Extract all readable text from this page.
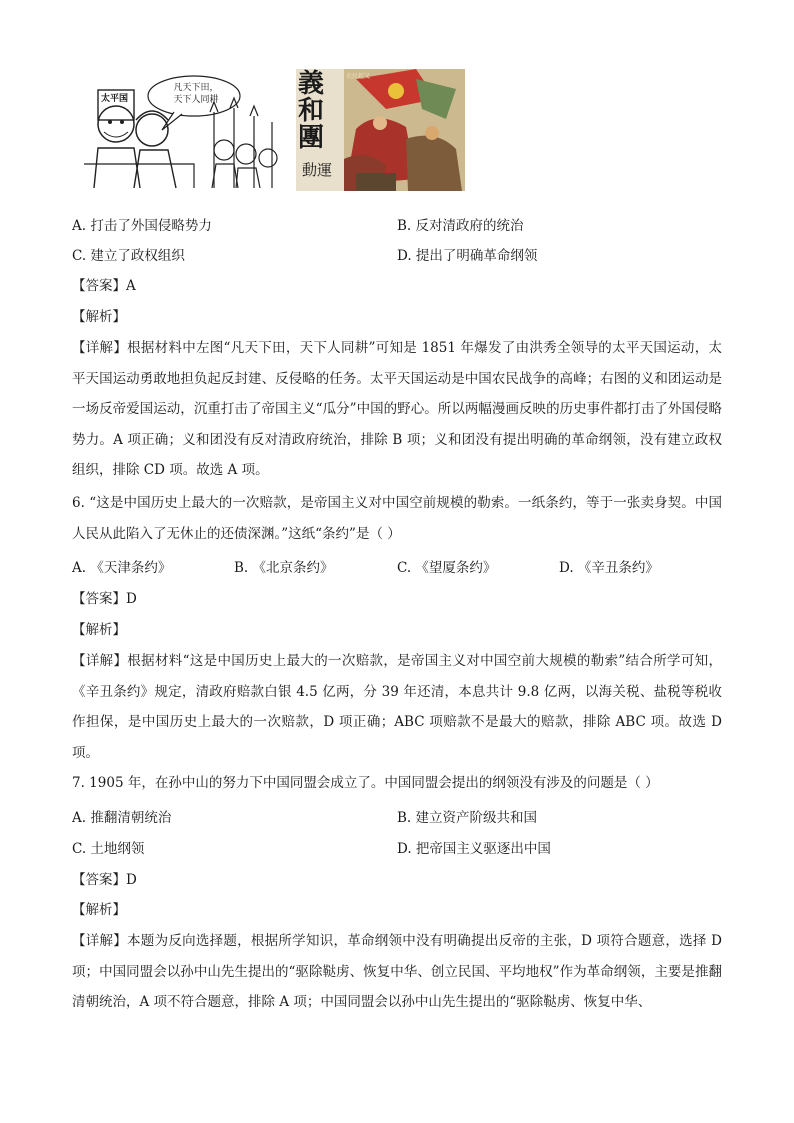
凡天下田，
天下人同耕
太平国	義
和
團
動運
农民起义
A. 打击了外国侵略势力	B. 反对清政府的统治
C. 建立了政权组织	D. 提出了明确革命纲领
【答案】A
【解析】
【详解】根据材料中左图“凡天下田，天下人同耕”可知是 1851 年爆发了由洪秀全领导的太平天国运动，太平天国运动勇敢地担负起反封建、反侵略的任务。太平天国运动是中国农民战争的高峰；右图的义和团运动是一场反帝爱国运动，沉重打击了帝国主义“瓜分”中国的野心。所以两幅漫画反映的历史事件都打击了外国侵略势力。A 项正确；义和团没有反对清政府统治，排除 B 项；义和团没有提出明确的革命纲领，没有建立政权组织，排除 CD 项。故选 A 项。
6. “这是中国历史上最大的一次赔款，是帝国主义对中国空前规模的勒索。一纸条约，等于一张卖身契。中国人民从此陷入了无休止的还债深渊。”这纸“条约”是（ ）
A. 《天津条约》	B. 《北京条约》	C. 《望厦条约》	D. 《辛丑条约》
【答案】D
【解析】
【详解】根据材料“这是中国历史上最大的一次赔款，是帝国主义对中国空前大规模的勒索”结合所学可知，《辛丑条约》规定，清政府赔款白银 4.5 亿两，分 39 年还清，本息共计 9.8 亿两，以海关税、盐税等税收作担保，是中国历史上最大的一次赔款，D 项正确；ABC 项赔款不是最大的赔款，排除 ABC 项。故选 D 项。
7. 1905 年，在孙中山的努力下中国同盟会成立了。中国同盟会提出的纲领没有涉及的问题是（ ）
A. 推翻清朝统治	B. 建立资产阶级共和国
C. 土地纲领	D. 把帝国主义驱逐出中国
【答案】D
【解析】
【详解】本题为反向选择题，根据所学知识，革命纲领中没有明确提出反帝的主张，D 项符合题意，选择 D 项；中国同盟会以孙中山先生提出的“驱除鞑虏、恢复中华、创立民国、平均地权”作为革命纲领，主要是推翻清朝统治，A 项不符合题意，排除 A 项；中国同盟会以孙中山先生提出的“驱除鞑虏、恢复中华、
